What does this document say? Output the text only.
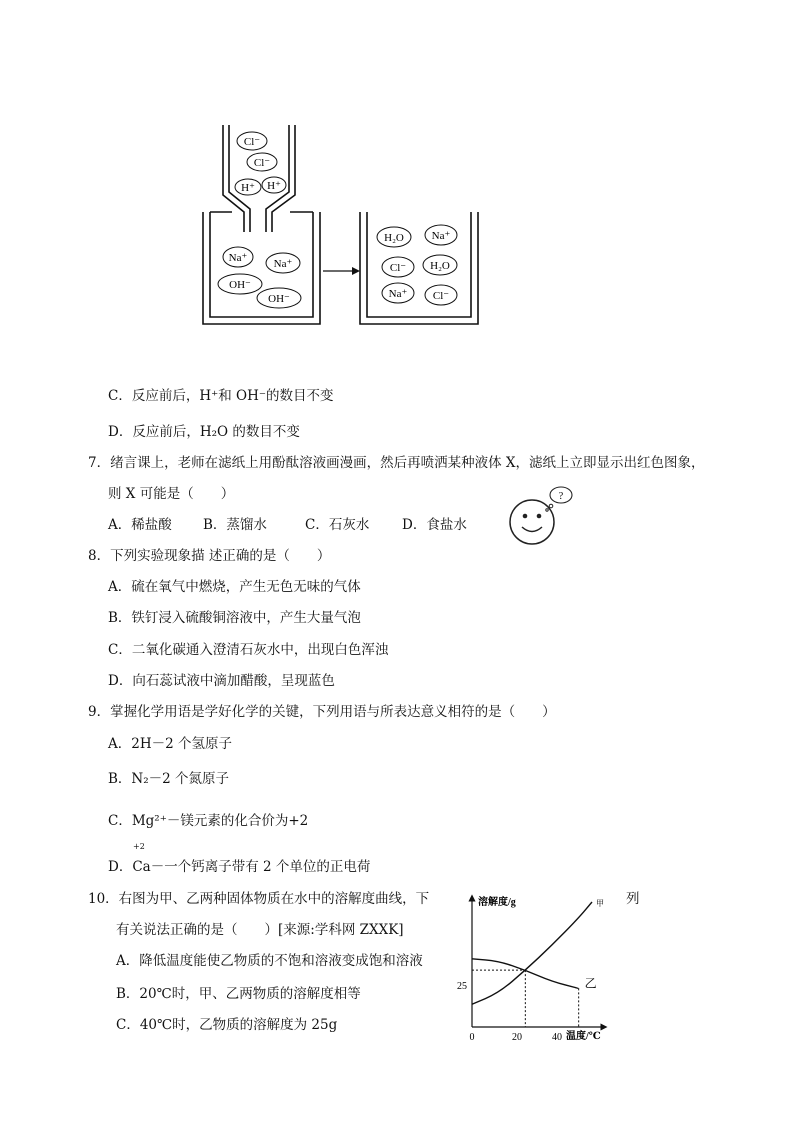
Cl⁻
Cl⁻
H⁺ H⁺
Na⁺ Na⁺
OH⁻
OH⁻
H₂O	Na⁺
Cl⁻ H₂O
Na⁺ Cl⁻
C．反应前后，H⁺和 OH⁻的数目不变
D．反应前后，H₂O 的数目不变
7．绪言课上，老师在滤纸上用酚酞溶液画漫画，然后再喷洒某种液体 X，滤纸上立即显示出红色图象，
则 X 可能是（　　）
A．稀盐酸 B．蒸馏水	C．石灰水 D．食盐水
?
8．下列实验现象描 述正确的是（　　）
A．硫在氧气中燃烧，产生无色无味的气体
B．铁钉浸入硫酸铜溶液中，产生大量气泡
C．二氧化碳通入澄清石灰水中，出现白色浑浊
D．向石蕊试液中滴加醋酸，呈现蓝色
9．掌握化学用语是学好化学的关键，下列用语与所表达意义相符的是（　　）
A．2H－2 个氢原子
B．N₂－2 个氮原子
C．Mg²⁺－镁元素的化合价为+2
+2
D．Ca－一个钙离子带有 2 个单位的正电荷
10．右图为甲、乙两种固体物质在水中的溶解度曲线，下	列
有关说法正确的是（　　）[来源:学科网 ZXXK]
A．降低温度能使乙物质的不饱和溶液变成饱和溶液
B．20℃时，甲、乙两物质的溶解度相等
C．40℃时，乙物质的溶解度为 25g
溶解度/g
温度/℃
0	20	40
25
甲
乙
